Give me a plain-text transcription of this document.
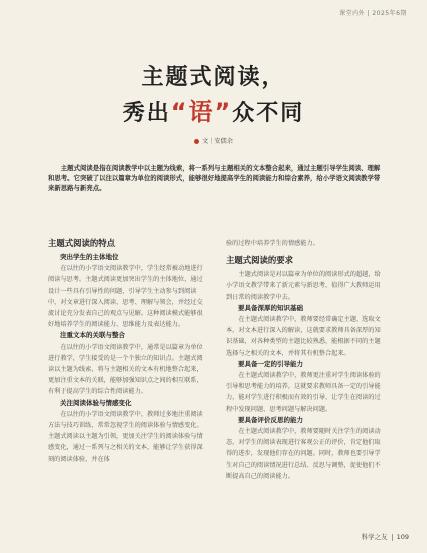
课堂内外 | 2025年6期
主题式阅读，
秀出“语”众不同
文｜安儒余
主题式阅读是指在阅读教学中以主题为线索，将一系列与主题相关的文本整合起来，通过主题引导学生阅读、理解和思考。它突破了以往以篇章为单位的阅读形式，能够很好地提高学生的阅读能力和综合素养，给小学语文阅读教学带来新思路与新亮点。
主题式阅读的特点
突出学生的主体地位

在以往的小学语文阅读教学中，学生经常被动地进行阅读与思考。主题式阅读更加突出学生的主体地位，通过设计一些具有引导性的问题，引导学生主动参与到阅读中，对文章进行深入阅读、思考、理解与领会，并经过交流讨论充分发表自己的观点与见解。这种阅读模式能够很好地培养学生的阅读能力、思维能力及表达能力。

注重文本的关联与整合

在以往的小学语文阅读教学中，通常是以篇章为单位进行教学，学生接受的是一个个独立的知识点。主题式阅读以主题为线索，将与主题相关的文本有机地整合起来，更加注重文本的关联，能够加强知识点之间的相互联系，有利于提高学生的综合性阅读能力。

关注阅读体验与情感变化

在以往的小学语文阅读教学中，教师过多地注重阅读方法与技巧训练，常常忽视学生的阅读体验与情感变化。主题式阅读以主题为引领，更加关注学生的阅读体验与情感变化，通过一系列与之相关的文本，能够让学生获得深刻的阅读体验，并在体

验的过程中培养学生的情感能力。

主题式阅读的要求

主题式阅读是对以篇章为单位的阅读形式的超越，给小学语文教学带来了新元素与新思考，值得广大教师运用到日常的阅读教学中去。

要具备深厚的知识基础

在主题式阅读教学中，教师要经常确定主题、选取文本，对文本进行深入的解读，这就要求教师具备深厚的知识基础，对各种类型的主题比较熟悉，能根据不同的主题选择与之相关的文本，并将其有机整合起来。

要具备一定的引导能力

在主题式阅读教学中，教师更注重对学生阅读体验的引导和思考能力的培养，这就要求教师具备一定的引导能力，能对学生进行积极而有效的引导，让学生在阅读的过程中发现问题、思考问题与解决问题。

要具备评价反思的能力

在主题式阅读教学中，教师要随时关注学生的阅读动态，对学生的阅读表现进行客观公正的评价，肯定他们取得的进步，发现他们存在的问题。同时，教师也要引导学生对自己的阅读情况进行总结、反思与调整，促使他们不断提高自己的阅读能力。

科学之友 109
